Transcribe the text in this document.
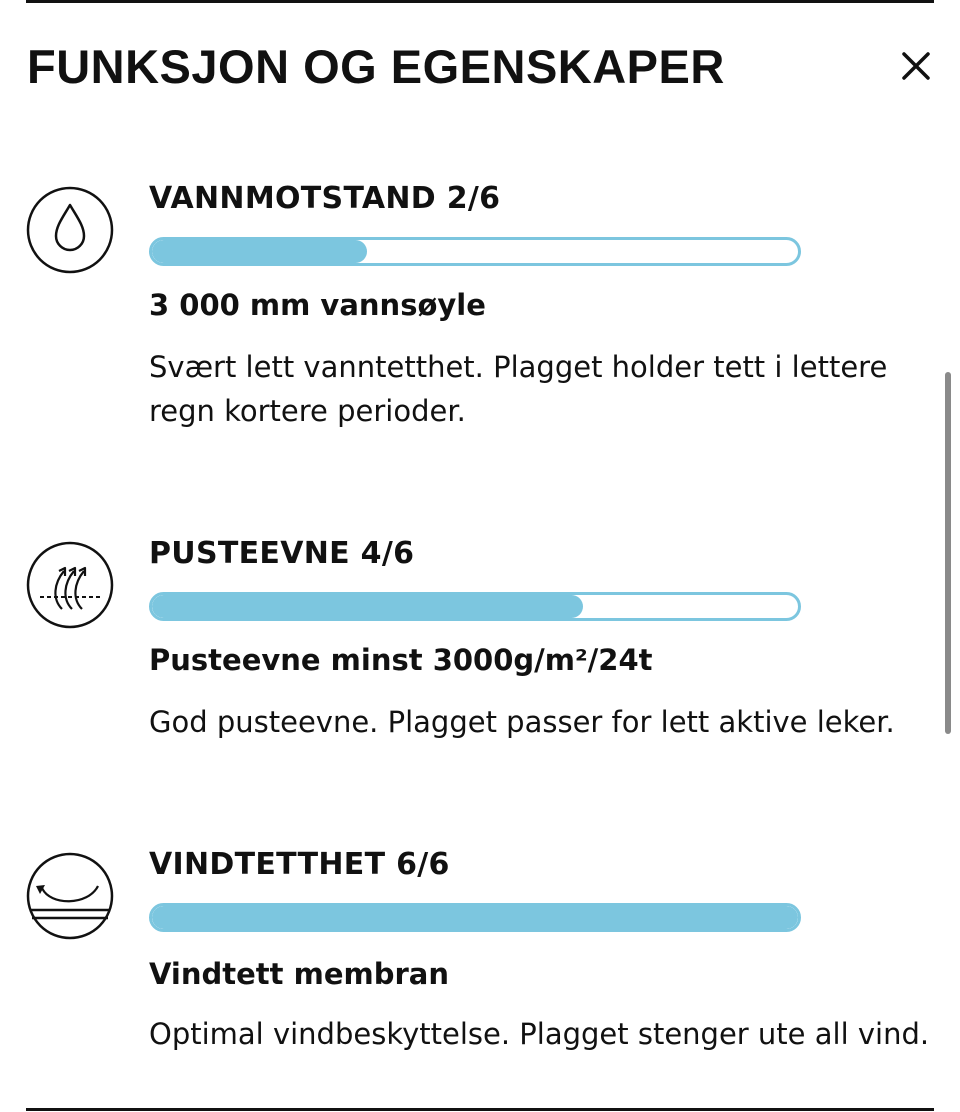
FUNKSJON OG EGENSKAPER
VANNMOTSTAND 2/6
3 000 mm vannsøyle

Svært lett vanntetthet. Plagget holder tett i lettere regn kortere perioder.

PUSTEEVNE 4/6
Pusteevne minst 3000g/m²/24t

God pusteevne. Plagget passer for lett aktive leker.

VINDTETTHET 6/6
Vindtett membran

Optimal vindbeskyttelse. Plagget stenger ute all vind.
